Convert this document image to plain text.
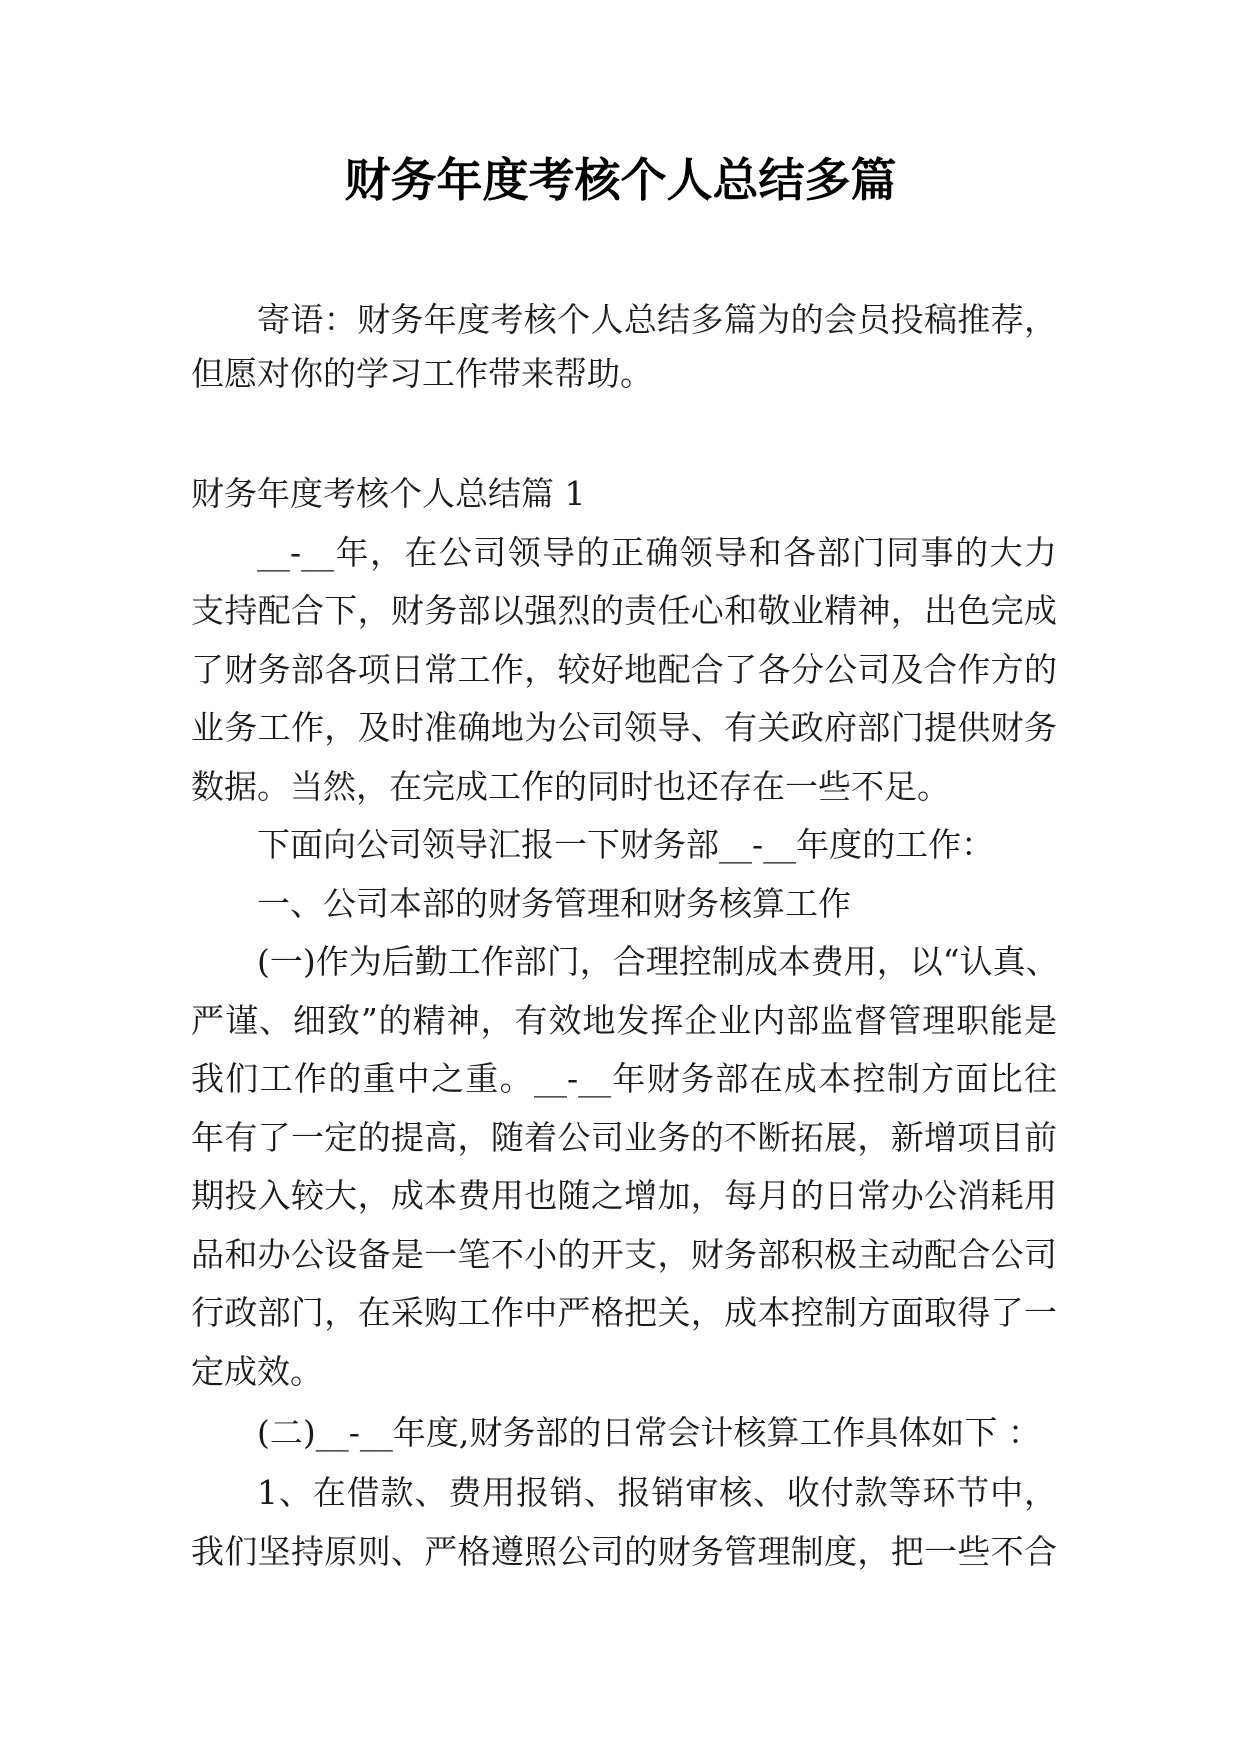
财务年度考核个人总结多篇
寄语：财务年度考核个人总结多篇为的会员投稿推荐，
但愿对你的学习工作带来帮助。
财务年度考核个人总结篇 1
__-__年，在公司领导的正确领导和各部门同事的大力
支持配合下，财务部以强烈的责任心和敬业精神，出色完成
了财务部各项日常工作，较好地配合了各分公司及合作方的
业务工作，及时准确地为公司领导、有关政府部门提供财务
数据。当然，在完成工作的同时也还存在一些不足。
下面向公司领导汇报一下财务部__-__年度的工作：
一、公司本部的财务管理和财务核算工作
(一)作为后勤工作部门，合理控制成本费用，以“认真、
严谨、细致”的精神，有效地发挥企业内部监督管理职能是
我们工作的重中之重。__-__年财务部在成本控制方面比往
年有了一定的提高，随着公司业务的不断拓展，新增项目前
期投入较大，成本费用也随之增加，每月的日常办公消耗用
品和办公设备是一笔不小的开支，财务部积极主动配合公司
行政部门，在采购工作中严格把关，成本控制方面取得了一
定成效。
(二)__-__年度,财务部的日常会计核算工作具体如下 ：
1、在借款、费用报销、报销审核、收付款等环节中，
我们坚持原则、严格遵照公司的财务管理制度，把一些不合
